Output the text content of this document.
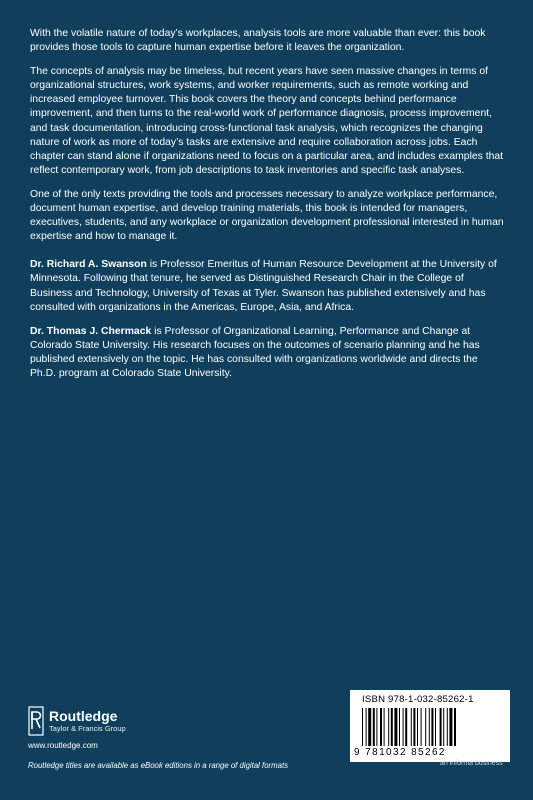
With the volatile nature of today’s workplaces, analysis tools are more valuable than ever: this book provides those tools to capture human expertise before it leaves the organization.

The concepts of analysis may be timeless, but recent years have seen massive changes in terms of organizational structures, work systems, and worker requirements, such as remote working and increased employee turnover. This book covers the theory and concepts behind performance improvement, and then turns to the real-world work of performance diagnosis, process improvement, and task documentation, introducing cross-functional task analysis, which recognizes the changing nature of work as more of today’s tasks are extensive and require collaboration across jobs. Each chapter can stand alone if organizations need to focus on a particular area, and includes examples that reflect contemporary work, from job descriptions to task inventories and specific task analyses.

One of the only texts providing the tools and processes necessary to analyze workplace performance, document human expertise, and develop training materials, this book is intended for managers, executives, students, and any workplace or organization development professional interested in human expertise and how to manage it.

Dr. Richard A. Swanson is Professor Emeritus of Human Resource Development at the University of Minnesota. Following that tenure, he served as Distinguished Research Chair in the College of Business and Technology, University of Texas at Tyler. Swanson has published extensively and has consulted with organizations in the Americas, Europe, Asia, and Africa.

Dr. Thomas J. Chermack is Professor of Organizational Learning, Performance and Change at Colorado State University. His research focuses on the outcomes of scenario planning and he has published extensively on the topic. He has consulted with organizations worldwide and directs the Ph.D. program at Colorado State University.

Routledge
Taylor & Francis Group
www.routledge.com
Routledge titles are available as eBook editions in a range of digital formats
ISBN 978-1-032-85262-1
9 781032 85262
an informa business
